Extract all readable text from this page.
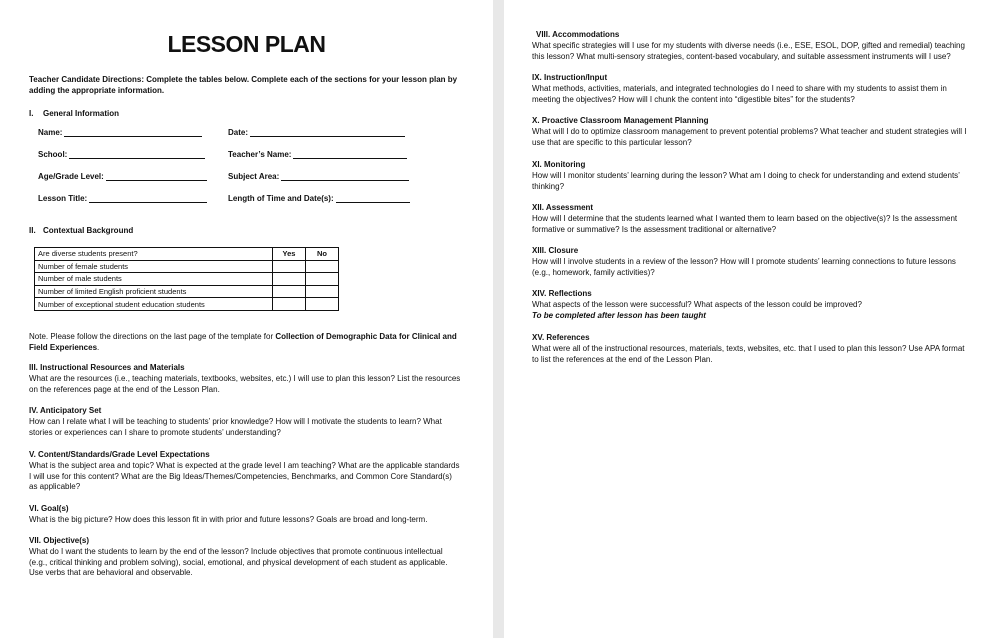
LESSON PLAN
Teacher Candidate Directions: Complete the tables below. Complete each of the sections for your lesson plan by adding the appropriate information.
I. General Information
Name:	Date:
School:	Teacher’s Name:
Age/Grade Level:	Subject Area:
Lesson Title:	Length of Time and Date(s):
II. Contextual Background
Are diverse students present?	Yes	No
Number of female students		
Number of male students		
Number of limited English proficient students		
Number of exceptional student education students		
Note. Please follow the directions on the last page of the template for Collection of Demographic Data for Clinical and Field Experiences.
III. Instructional Resources and Materials
What are the resources (i.e., teaching materials, textbooks, websites, etc.) I will use to plan this lesson? List the resources on the references page at the end of the Lesson Plan.
IV. Anticipatory Set
How can I relate what I will be teaching to students’ prior knowledge? How will I motivate the students to learn? What stories or experiences can I share to promote students’ understanding?
V. Content/Standards/Grade Level Expectations
What is the subject area and topic? What is expected at the grade level I am teaching? What are the applicable standards I will use for this content? What are the Big Ideas/Themes/Competencies, Benchmarks, and Common Core Standard(s) as applicable?
VI. Goal(s)
What is the big picture? How does this lesson fit in with prior and future lessons? Goals are broad and long-term.
VII. Objective(s)
What do I want the students to learn by the end of the lesson? Include objectives that promote continuous intellectual (e.g., critical thinking and problem solving), social, emotional, and physical development of each student as applicable. Use verbs that are behavioral and observable.
VIII. Accommodations
What specific strategies will I use for my students with diverse needs (i.e., ESE, ESOL, DOP, gifted and remedial) teaching this lesson? What multi-sensory strategies, content-based vocabulary, and suitable assessment instruments will I use?
IX. Instruction/Input
What methods, activities, materials, and integrated technologies do I need to share with my students to assist them in meeting the objectives? How will I chunk the content into “digestible bites” for the students?
X. Proactive Classroom Management Planning
What will I do to optimize classroom management to prevent potential problems? What teacher and student strategies will I use that are specific to this particular lesson?
XI. Monitoring
How will I monitor students’ learning during the lesson? What am I doing to check for understanding and extend students’ thinking?
XII. Assessment
How will I determine that the students learned what I wanted them to learn based on the objective(s)? Is the assessment formative or summative? Is the assessment traditional or alternative?
XIII. Closure
How will I involve students in a review of the lesson? How will I promote students’ learning connections to future lessons (e.g., homework, family activities)?
XIV. Reflections
What aspects of the lesson were successful? What aspects of the lesson could be improved?
To be completed after lesson has been taught
XV. References
What were all of the instructional resources, materials, texts, websites, etc. that I used to plan this lesson? Use APA format to list the references at the end of the Lesson Plan.
